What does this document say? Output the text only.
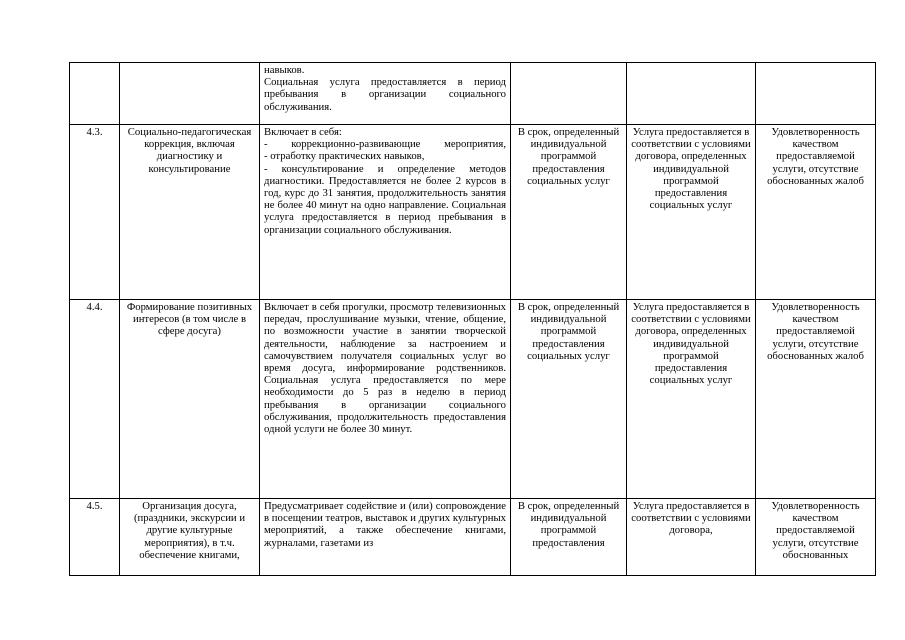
		навыков.
Социальная услуга предоставляется в период пребывания в организации социального обслуживания.			

4.3.	Социально-педагогическая коррекция, включая диагностику и консультирование	Включает в себя:
- коррекционно-развивающие мероприятия,
- отработку практических навыков,
- консультирование и определение методов диагностики. Предоставляется не более 2 курсов в год, курс до 31 занятия, продолжительность занятия не более 40 минут на одно направление. Социальная услуга предоставляется в период пребывания в организации социального обслуживания.	В срок, определенный индивидуальной программой предоставления социальных услуг	Услуга предоставляется в соответствии с условиями договора, определенных индивидуальной программой предоставления социальных услуг	Удовлетворенность качеством предоставляемой услуги, отсутствие обоснованных жалоб
4.4.	Формирование позитивных интересов (в том числе в сфере досуга)	Включает в себя прогулки, просмотр телевизионных передач, прослушивание музыки, чтение, общение, по возможности участие в занятии творческой деятельности, наблюдение за настроением и самочувствием получателя социальных услуг во время досуга, информирование родственников. Социальная услуга предоставляется по мере необходимости до 5 раз в неделю в период пребывания в организации социального обслуживания, продолжительность предоставления одной услуги не более 30 минут.	В срок, определенный индивидуальной программой предоставления социальных услуг	Услуга предоставляется в соответствии с условиями договора, определенных индивидуальной программой предоставления социальных услуг	Удовлетворенность качеством предоставляемой услуги, отсутствие обоснованных жалоб
4.5.	Организация досуга, (праздники, экскурсии и другие культурные мероприятия), в т.ч. обеспечение книгами,	Предусматривает содействие и (или) сопровождение в посещении театров, выставок и других культурных мероприятий, а также обеспечение книгами, журналами, газетами из	В срок, определенный индивидуальной программой предоставления	Услуга предоставляется в соответствии с условиями договора,	Удовлетворенность качеством предоставляемой услуги, отсутствие обоснованных
